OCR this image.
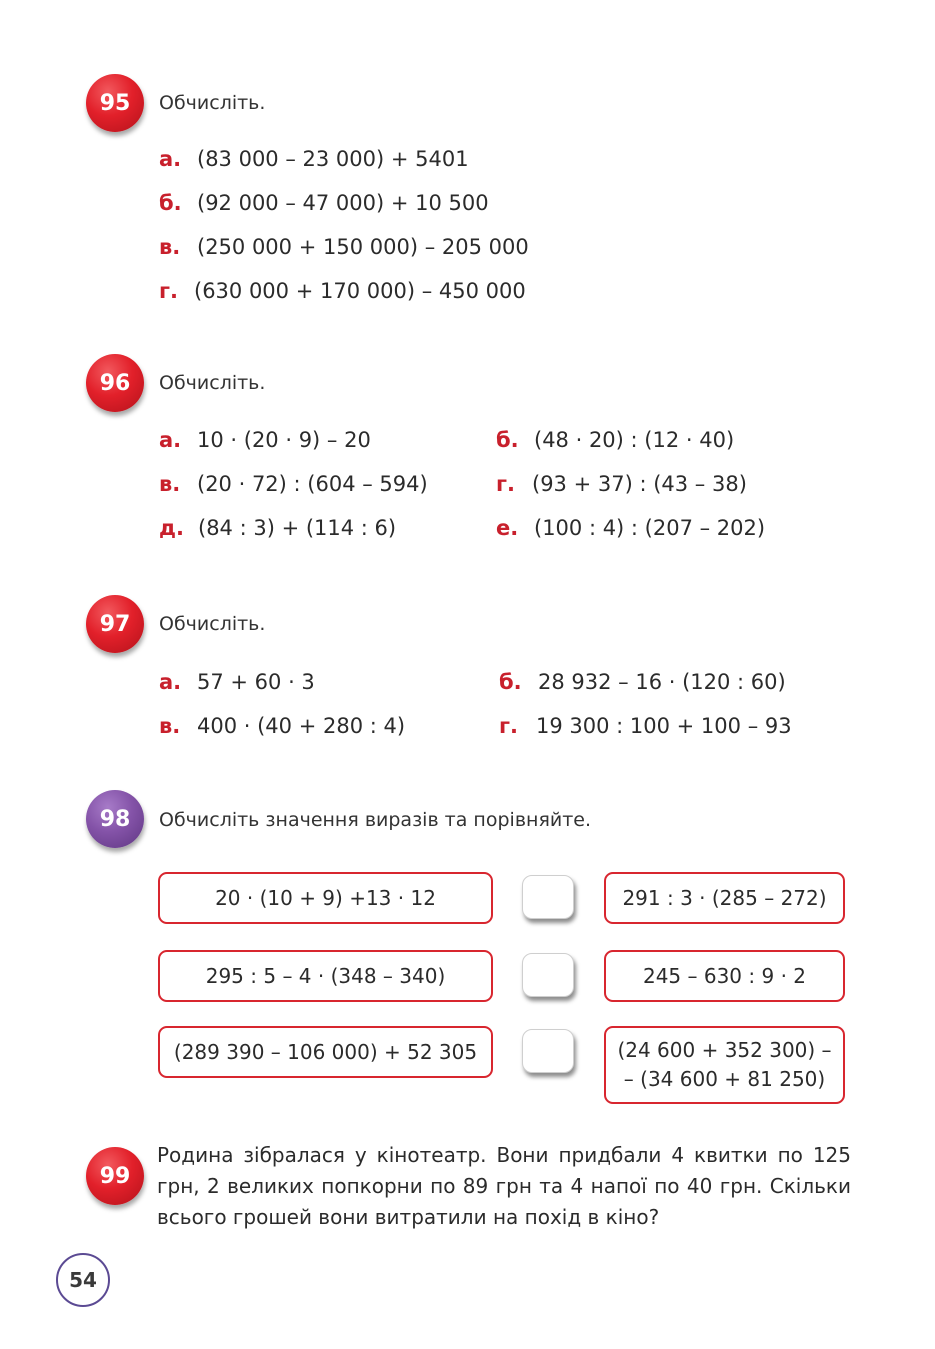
95	Обчисліть.
а. (83 000 – 23 000) + 5401
б. (92 000 – 47 000) + 10 500
в. (250 000 + 150 000) – 205 000
г. (630 000 + 170 000) – 450 000
96	Обчисліть.
а. 10 · (20 · 9) – 20	б. (48 · 20) : (12 · 40)
в. (20 · 72) : (604 – 594)	г. (93 + 37) : (43 – 38)
д. (84 : 3) + (114 : 6)	е. (100 : 4) : (207 – 202)
97	Обчисліть.
а. 57 + 60 · 3	б. 28 932 – 16 · (120 : 60)
в. 400 · (40 + 280 : 4)	г. 19 300 : 100 + 100 – 93
98	Обчисліть значення виразів та порівняйте.
20 · (10 + 9) +13 · 12	291 : 3 · (285 – 272)
295 : 5 – 4 · (348 – 340)	245 – 630 : 9 · 2
(289 390 – 106 000) + 52 305	(24 600 + 352 300) –
– (34 600 + 81 250)
99
Родина зібралася у кінотеатр. Вони придбали 4 квитки по 125 грн, 2 великих попкорни по 89 грн та 4 напої по 40 грн. Скільки всього грошей вони витратили на похід в кіно?
54
